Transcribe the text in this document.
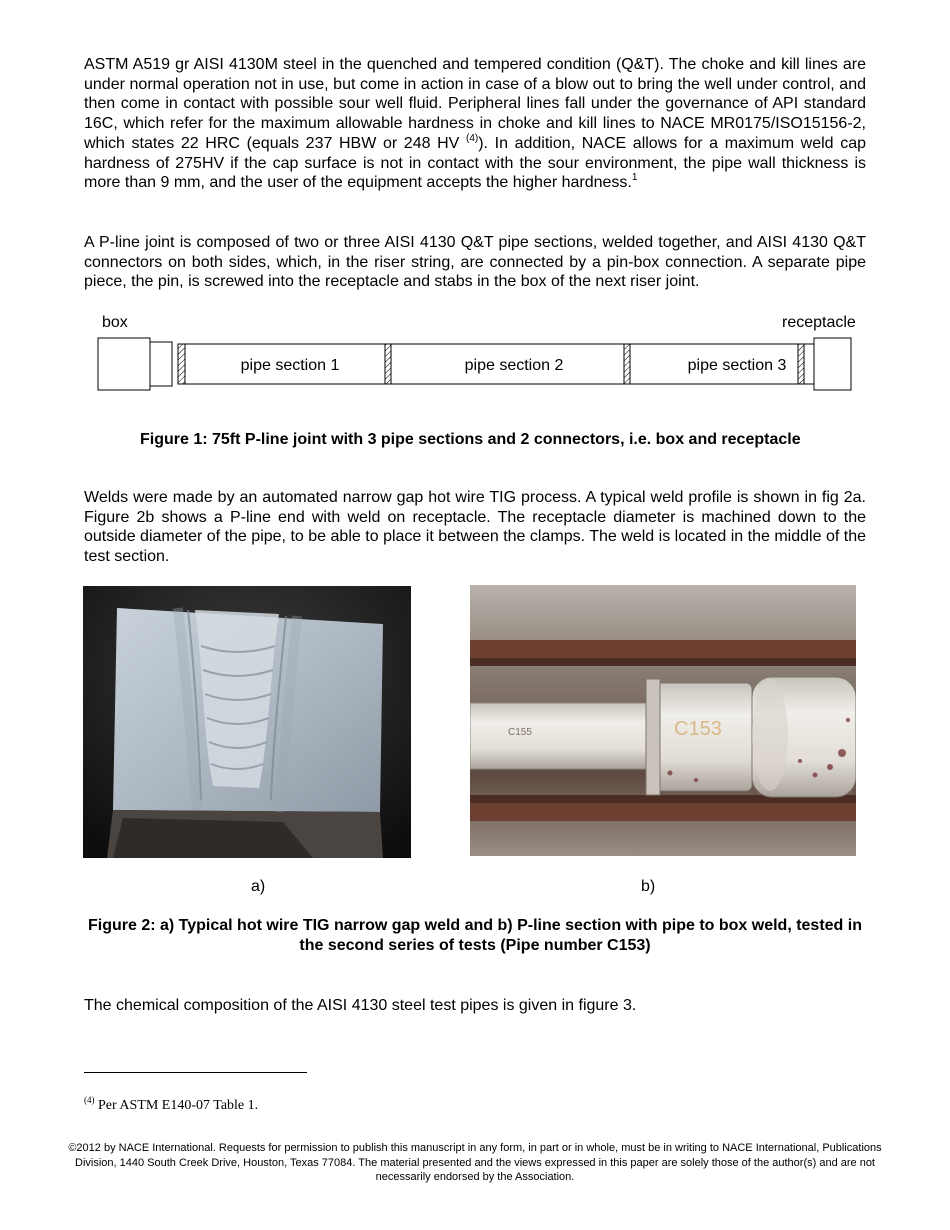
ASTM A519 gr AISI 4130M steel in the quenched and tempered condition (Q&T). The choke and kill lines are under normal operation not in use, but come in action in case of a blow out to bring the well under control, and then come in contact with possible sour well fluid. Peripheral lines fall under the governance of API standard 16C, which refer for the maximum allowable hardness in choke and kill lines to NACE MR0175/ISO15156-2, which states 22 HRC (equals 237 HBW or 248 HV $^{(4)}$). In addition, NACE allows for a maximum weld cap hardness of 275HV if the cap surface is not in contact with the sour environment, the pipe wall thickness is more than 9 mm, and the user of the equipment accepts the higher hardness.$^1$

A P-line joint is composed of two or three AISI 4130 Q&T pipe sections, welded together, and AISI 4130 Q&T connectors on both sides, which, in the riser string, are connected by a pin-box connection. A separate pipe piece, the pin, is screwed into the receptacle and stabs in the box of the next riser joint.

box	receptacle
pipe section 1	pipe section 2	pipe section 3

Figure 1: 75ft P-line joint with 3 pipe sections and 2 connectors, i.e. box and receptacle

Welds were made by an automated narrow gap hot wire TIG process. A typical weld profile is shown in fig 2a. Figure 2b shows a P-line end with weld on receptacle. The receptacle diameter is machined down to the outside diameter of the pipe, to be able to place it between the clamps. The weld is located in the middle of the test section.

C153
C155

a)	b)

Figure 2: a) Typical hot wire TIG narrow gap weld and b) P-line section with pipe to box weld, tested in the second series of tests (Pipe number C153)

The chemical composition of the AISI 4130 steel test pipes is given in figure 3.

$^{(4)}$ Per ASTM E140-07 Table 1.

©2012 by NACE International. Requests for permission to publish this manuscript in any form, in part or in whole, must be in writing to NACE International, Publications Division, 1440 South Creek Drive, Houston, Texas 77084. The material presented and the views expressed in this paper are solely those of the author(s) and are not necessarily endorsed by the Association.
